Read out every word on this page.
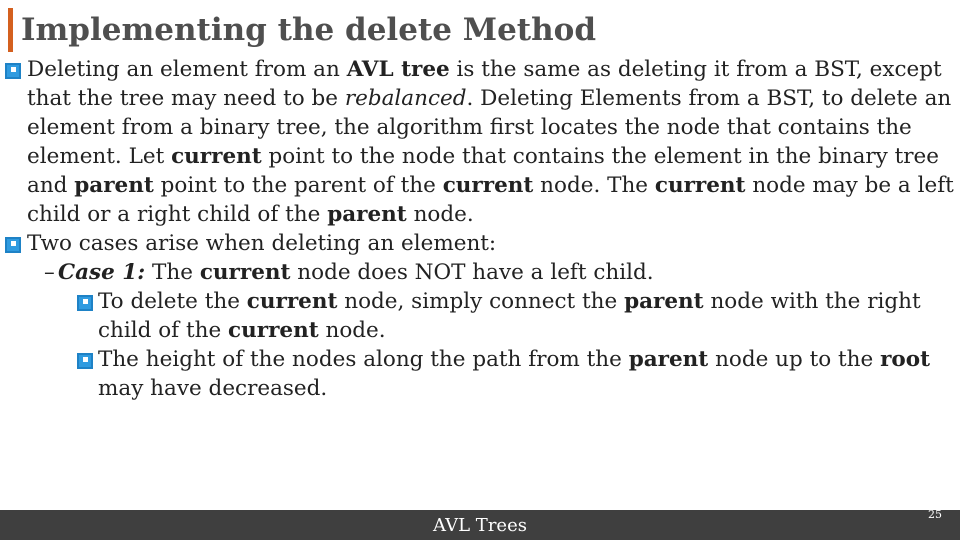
Implementing the delete Method
Deleting an element from an AVL tree is the same as deleting it from a BST, except that the tree may need to be rebalanced. Deleting Elements from a BST, to delete an element from a binary tree, the algorithm first locates the node that contains the element. Let current point to the node that contains the element in the binary tree and parent point to the parent of the current node. The current node may be a left child or a right child of the parent node.
Two cases arise when deleting an element:
– Case 1: The current node does NOT have a left child.
To delete the current node, simply connect the parent node with the right child of the current node.
The height of the nodes along the path from the parent node up to the root may have decreased.
AVL Trees
25
